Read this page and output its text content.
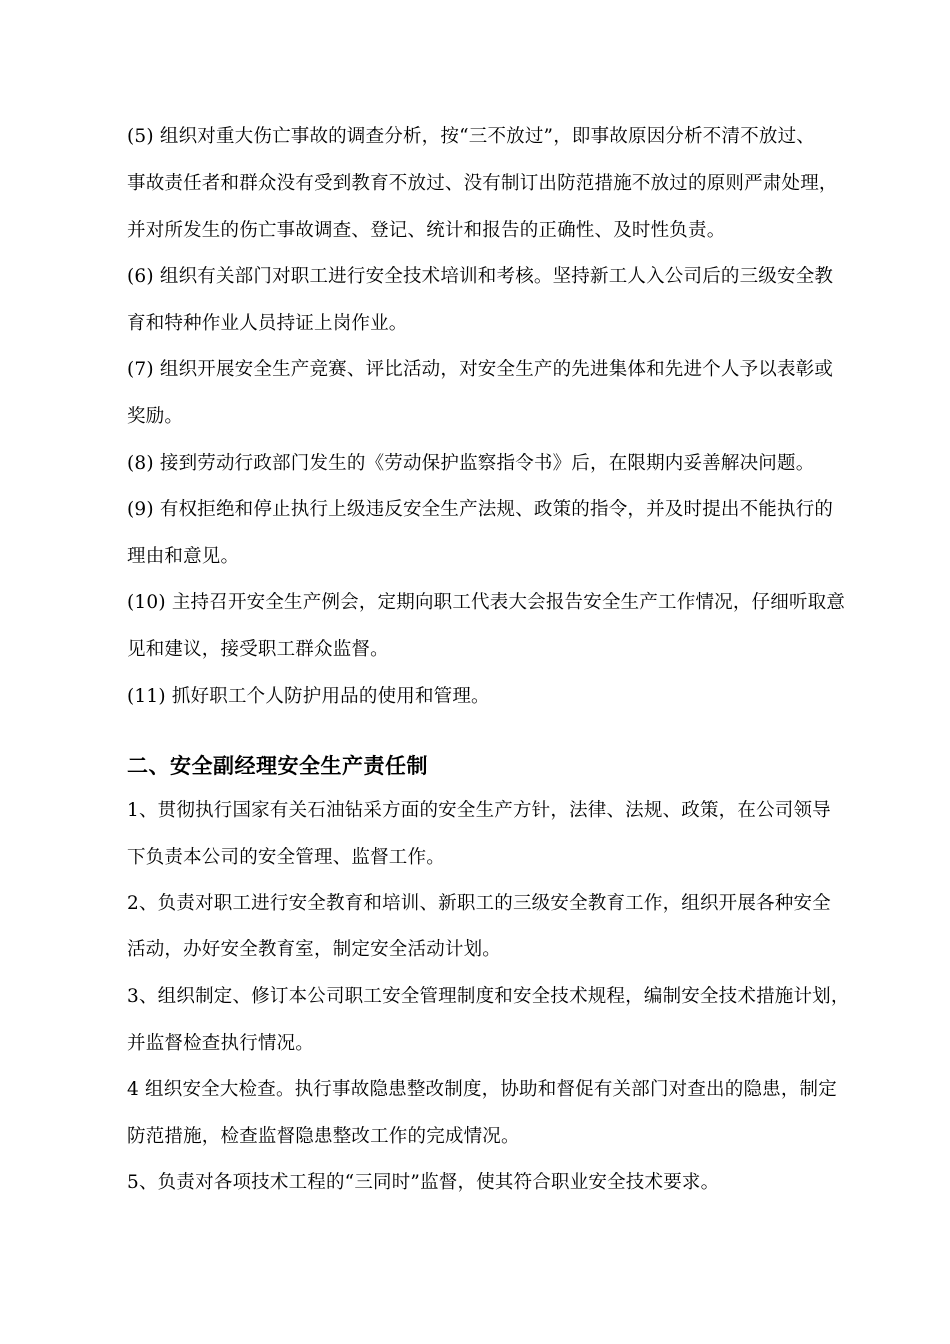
(5) 组织对重大伤亡事故的调查分析，按“三不放过”，即事故原因分析不清不放过、
事故责任者和群众没有受到教育不放过、没有制订出防范措施不放过的原则严肃处理，
并对所发生的伤亡事故调查、登记、统计和报告的正确性、及时性负责。
(6) 组织有关部门对职工进行安全技术培训和考核。坚持新工人入公司后的三级安全教
育和特种作业人员持证上岗作业。
(7) 组织开展安全生产竞赛、评比活动，对安全生产的先进集体和先进个人予以表彰或
奖励。
(8) 接到劳动行政部门发生的《劳动保护监察指令书》后，在限期内妥善解决问题。
(9) 有权拒绝和停止执行上级违反安全生产法规、政策的指令，并及时提出不能执行的
理由和意见。
(10) 主持召开安全生产例会，定期向职工代表大会报告安全生产工作情况，仔细听取意
见和建议，接受职工群众监督。
(11) 抓好职工个人防护用品的使用和管理。
二、安全副经理安全生产责任制
1、贯彻执行国家有关石油钻采方面的安全生产方针，法律、法规、政策，在公司领导
下负责本公司的安全管理、监督工作。
2、负责对职工进行安全教育和培训、新职工的三级安全教育工作，组织开展各种安全
活动，办好安全教育室，制定安全活动计划。
3、组织制定、修订本公司职工安全管理制度和安全技术规程，编制安全技术措施计划，
并监督检查执行情况。
4 组织安全大检查。执行事故隐患整改制度，协助和督促有关部门对查出的隐患，制定
防范措施，检查监督隐患整改工作的完成情况。
5、负责对各项技术工程的“三同时”监督，使其符合职业安全技术要求。
